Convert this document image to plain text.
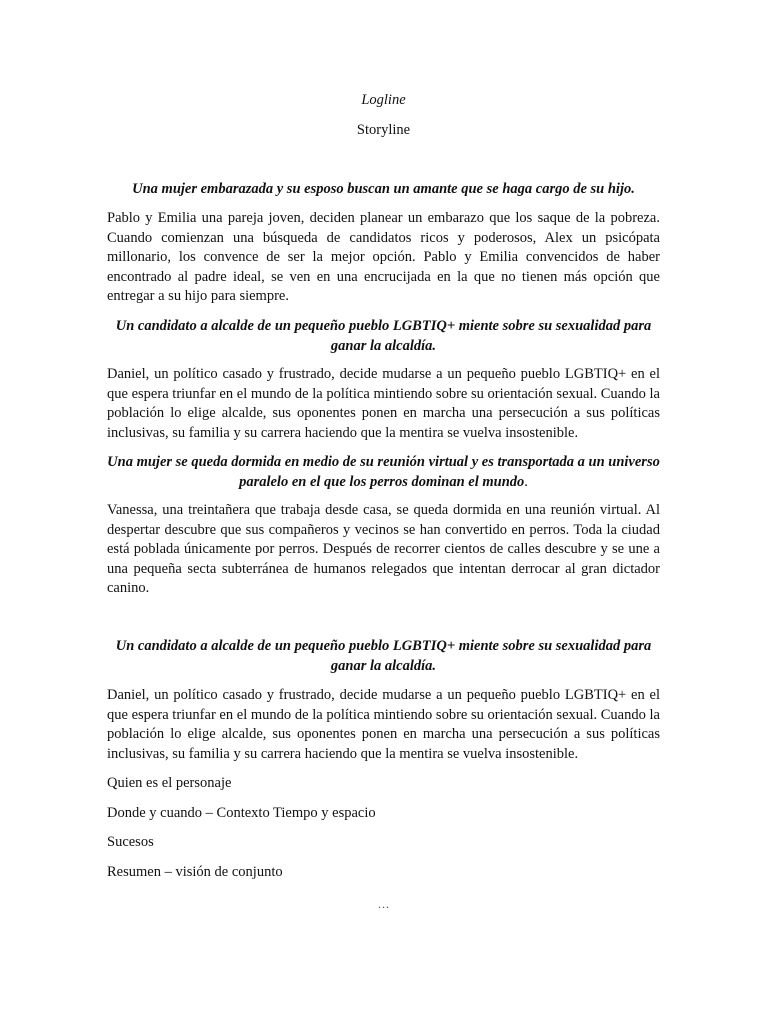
Logline
Storyline
Una mujer embarazada y su esposo buscan un amante que se haga cargo de su hijo.
Pablo y Emilia una pareja joven, deciden planear un embarazo que los saque de la pobreza. Cuando comienzan una búsqueda de candidatos ricos y poderosos, Alex un psicópata millonario, los convence de ser la mejor opción. Pablo y Emilia convencidos de haber encontrado al padre ideal, se ven en una encrucijada en la que no tienen más opción que entregar a su hijo para siempre.
Un candidato a alcalde de un pequeño pueblo LGBTIQ+ miente sobre su sexualidad para ganar la alcaldía.
Daniel, un político casado y frustrado, decide mudarse a un pequeño pueblo LGBTIQ+ en el que espera triunfar en el mundo de la política mintiendo sobre su orientación sexual. Cuando la población lo elige alcalde, sus oponentes ponen en marcha una persecución a sus políticas inclusivas, su familia y su carrera haciendo que la mentira se vuelva insostenible.
Una mujer se queda dormida en medio de su reunión virtual y es transportada a un universo paralelo en el que los perros dominan el mundo.
Vanessa, una treintañera que trabaja desde casa, se queda dormida en una reunión virtual. Al despertar descubre que sus compañeros y vecinos se han convertido en perros. Toda la ciudad está poblada únicamente por perros. Después de recorrer cientos de calles descubre y se une a una pequeña secta subterránea de humanos relegados que intentan derrocar al gran dictador canino.
Un candidato a alcalde de un pequeño pueblo LGBTIQ+ miente sobre su sexualidad para ganar la alcaldía.
Daniel, un político casado y frustrado, decide mudarse a un pequeño pueblo LGBTIQ+ en el que espera triunfar en el mundo de la política mintiendo sobre su orientación sexual. Cuando la población lo elige alcalde, sus oponentes ponen en marcha una persecución a sus políticas inclusivas, su familia y su carrera haciendo que la mentira se vuelva insostenible.
Quien es el personaje
Donde y cuando – Contexto Tiempo y espacio
Sucesos
Resumen – visión de conjunto
…
